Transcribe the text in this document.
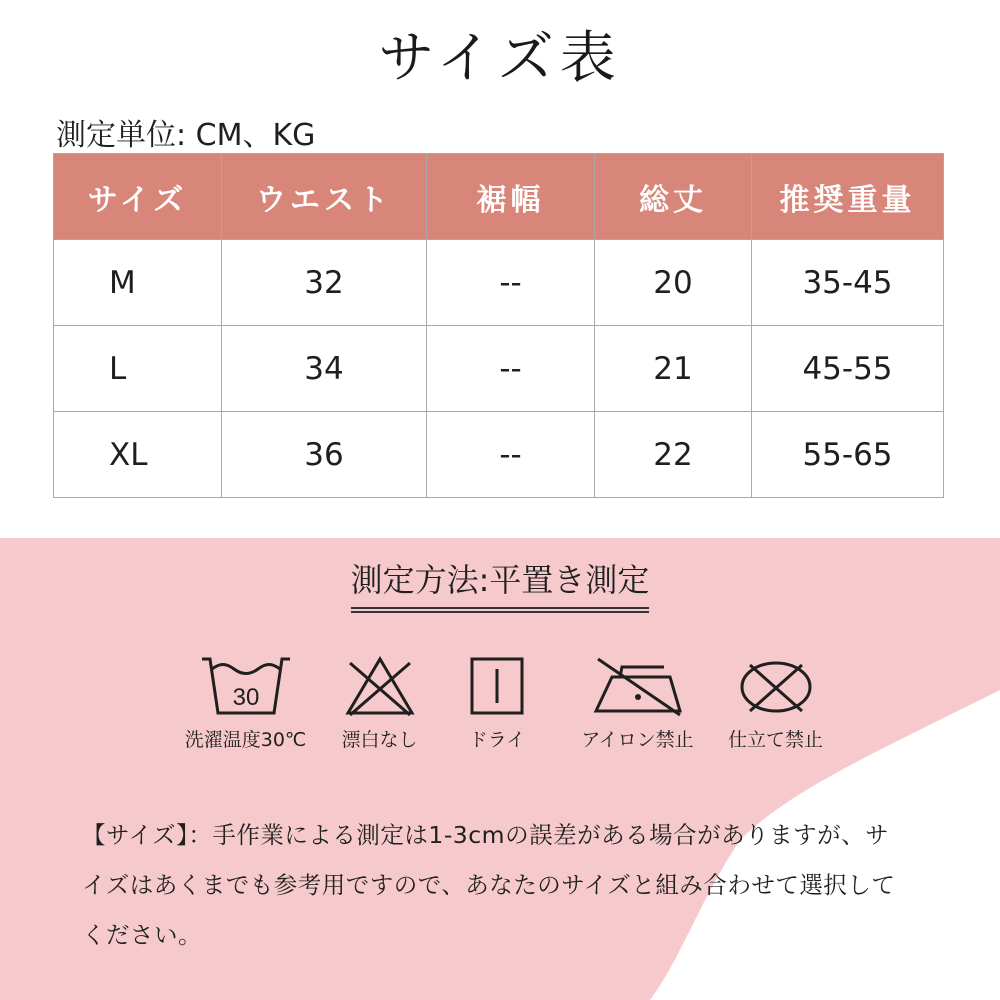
サイズ表
測定単位: CM、KG
サイズ	ウエスト	裾幅	総丈	推奨重量
M	32	--	20	35-45
L	34	--	21	45-55
XL	36	--	22	55-65
測定方法:平置き測定
30
洗濯温度30℃	漂白なし	ドライ	アイロン禁止	仕立て禁止
【サイズ】：手作業による測定は1-3cmの誤差がある場合がありますが、サ
イズはあくまでも参考用ですので、あなたのサイズと組み合わせて選択して
ください。
